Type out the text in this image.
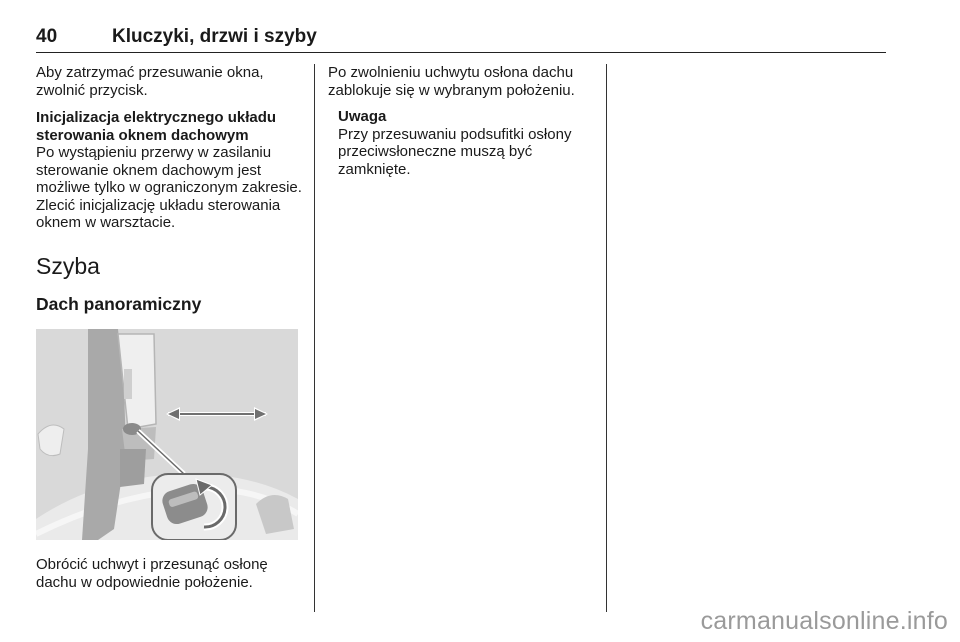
40	Kluczyki, drzwi i szyby

Aby zatrzymać przesuwanie okna, zwolnić przycisk.

Inicjalizacja elektrycznego układu sterowania oknem dachowym

Po wystąpieniu przerwy w zasilaniu sterowanie oknem dachowym jest możliwe tylko w ograniczonym zakresie. Zlecić inicjalizację układu sterowania oknem w warsztacie.

Szyba
Dach panoramiczny

Obrócić uchwyt i przesunąć osłonę dachu w odpowiednie położenie.

Po zwolnieniu uchwytu osłona dachu zablokuje się w wybranym położeniu.

Uwaga

Przy przesuwaniu podsufitki osłony przeciwsłoneczne muszą być zamknięte.

carmanualsonline.info
